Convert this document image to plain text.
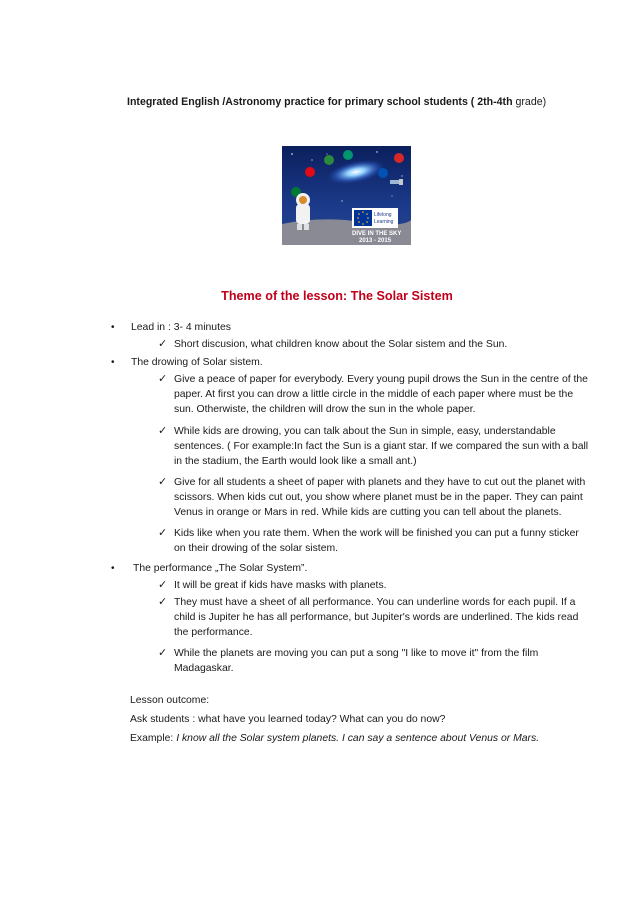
Integrated English /Astronomy practice for primary school students ( 2th-4th grade)
Lifelong
Learning
DIVE IN THE SKY
2013 - 2015
Theme of the lesson: The Solar Sistem
• Lead in : 3- 4 minutes
✓ Short discusion, what children know about the Solar sistem and the Sun.
• The drowing of Solar sistem.
✓ Give a peace of paper for everybody. Every young pupil drows the Sun in the centre of the
paper. At first you can drow a little circle in the middle of each paper where must be the
sun. Otherwiste, the children will drow the sun in the whole paper.
✓ While kids are drowing, you can talk about the Sun in simple, easy, understandable
sentences. ( For example:In fact the Sun is a giant star. If we compared the sun with a ball
in the stadium, the Earth would look like a small ant.)
✓ Give for all students a sheet of paper with planets and they have to cut out the planet with
scissors. When kids cut out, you show where planet must be in the paper. They can paint
Venus in orange or Mars in red. While kids are cutting you can tell about the planets.
✓ Kids like when you rate them. When the work will be finished you can put a funny sticker
on their drowing of the solar sistem.
• The performance „The Solar System”.
✓ It will be great if kids have masks with planets.
✓ They must have a sheet of all performance. You can underline words for each pupil. If a
child is Jupiter he has all performance, but Jupiter's words are underlined. The kids read
the performance.
✓ While the planets are moving you can put a song "I like to move it" from the film
Madagaskar.
Lesson outcome:
Ask students : what have you learned today? What can you do now?
Example: I know all the Solar system planets. I can say a sentence about Venus or Mars.
